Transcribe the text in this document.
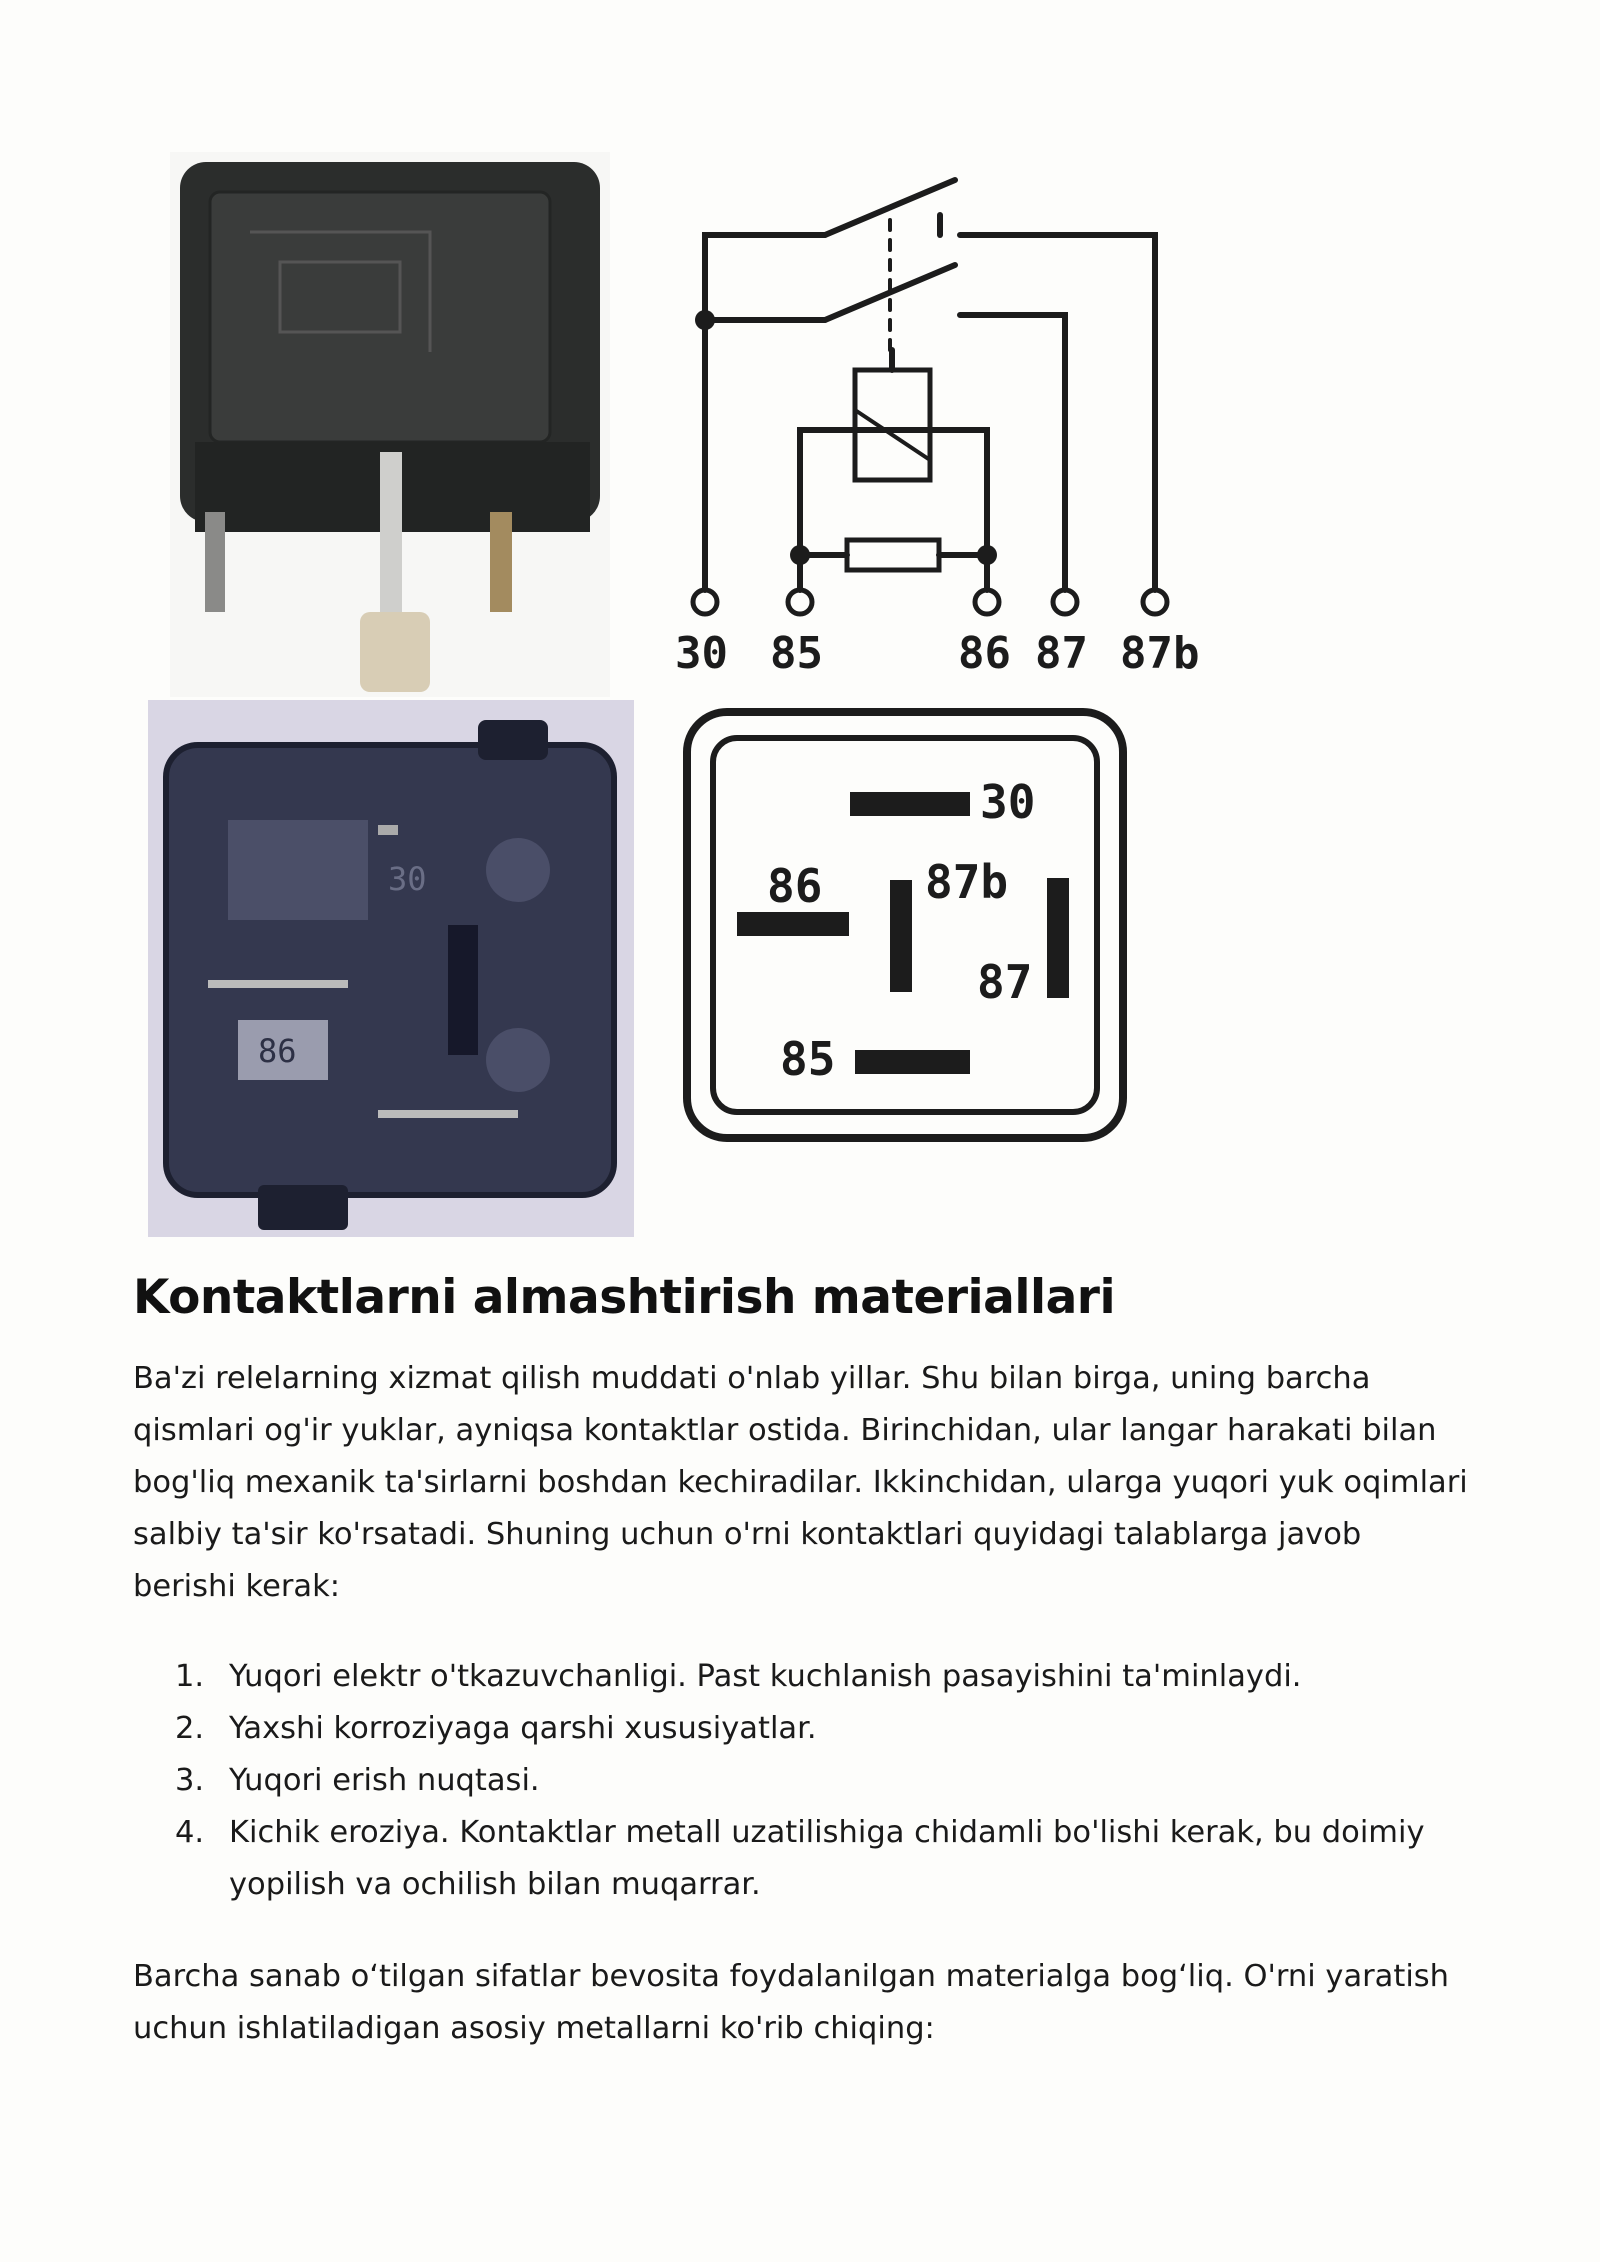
30
86
30 85	86 87 87b
30
86 87b
87
85
Kontaktlarni almashtirish materiallari

Ba'zi relelarning xizmat qilish muddati o'nlab yillar. Shu bilan birga, uning barcha qismlari og'ir yuklar, ayniqsa kontaktlar ostida. Birinchidan, ular langar harakati bilan bog'liq mexanik ta'sirlarni boshdan kechiradilar. Ikkinchidan, ularga yuqori yuk oqimlari salbiy ta'sir ko'rsatadi. Shuning uchun o'rni kontaktlari quyidagi talablarga javob berishi kerak:

1. Yuqori elektr o'tkazuvchanligi. Past kuchlanish pasayishini ta'minlaydi.
2. Yaxshi korroziyaga qarshi xususiyatlar.
3. Yuqori erish nuqtasi.
4. Kichik eroziya. Kontaktlar metall uzatilishiga chidamli bo'lishi kerak, bu doimiy yopilish va ochilish bilan muqarrar.

Barcha sanab o‘tilgan sifatlar bevosita foydalanilgan materialga bog‘liq. O'rni yaratish uchun ishlatiladigan asosiy metallarni ko'rib chiqing:
